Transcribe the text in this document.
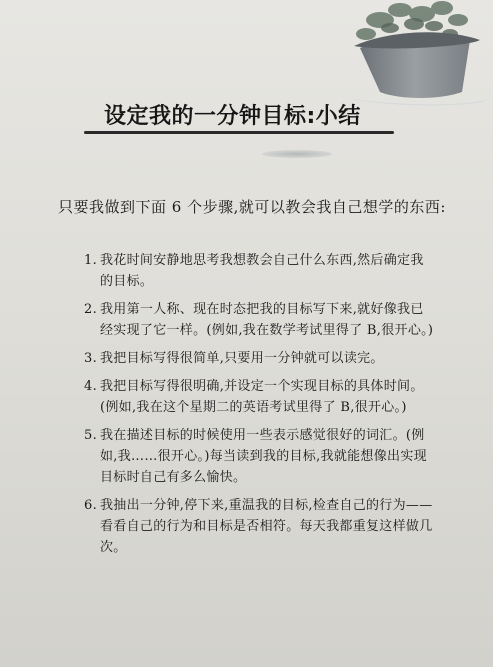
设定我的一分钟目标:小结

只要我做到下面 6 个步骤,就可以教会我自己想学的东西:

1. 我花时间安静地思考我想教会自己什么东西,然后确定我的目标。
2. 我用第一人称、现在时态把我的目标写下来,就好像我已经实现了它一样。(例如,我在数学考试里得了 B,很开心。)
3. 我把目标写得很简单,只要用一分钟就可以读完。
4. 我把目标写得很明确,并设定一个实现目标的具体时间。(例如,我在这个星期二的英语考试里得了 B,很开心。)
5. 我在描述目标的时候使用一些表示感觉很好的词汇。(例如,我……很开心。)每当读到我的目标,我就能想像出实现目标时自己有多么愉快。
6. 我抽出一分钟,停下来,重温我的目标,检查自己的行为——看看自己的行为和目标是否相符。每天我都重复这样做几次。
